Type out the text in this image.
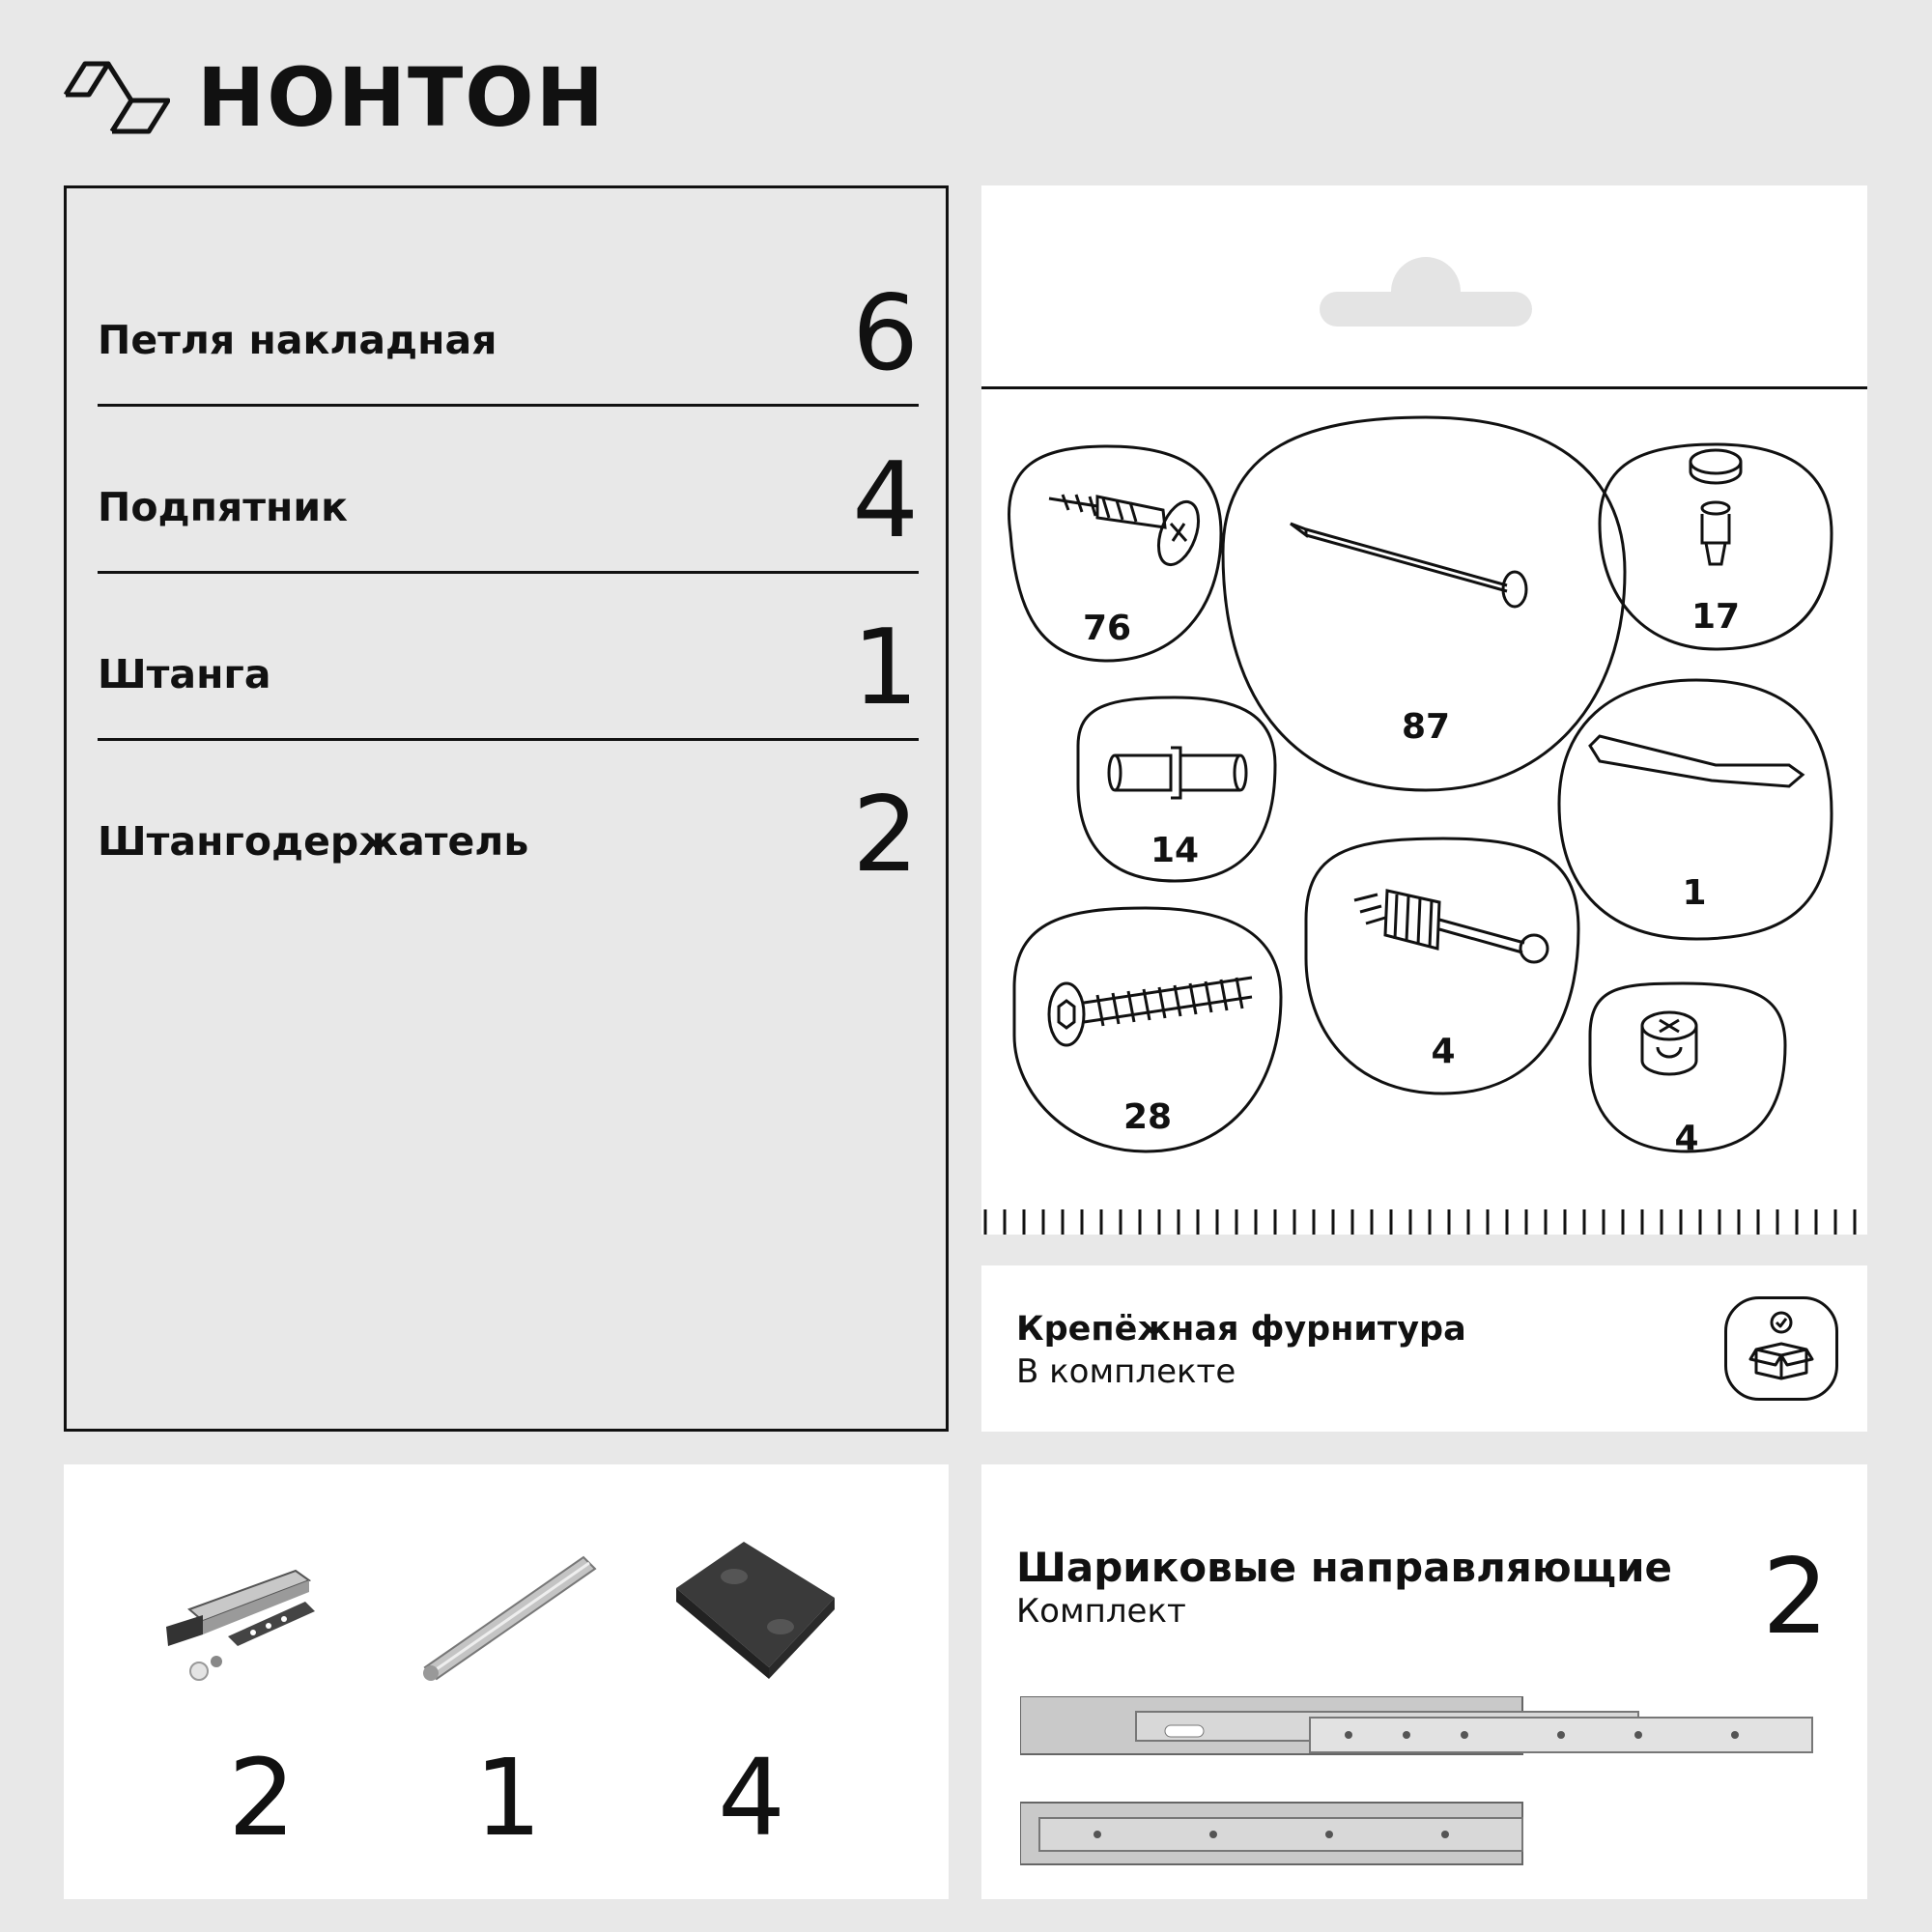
НОНТОН
Петля накладная	6
Подпятник	4
Штанга	1
Штангодержатель	2
76
87
17
14
1
4
28
4
Крепёжная фурнитура
В комплекте
2	1	4
Шариковые направляющие
Комплект	2
